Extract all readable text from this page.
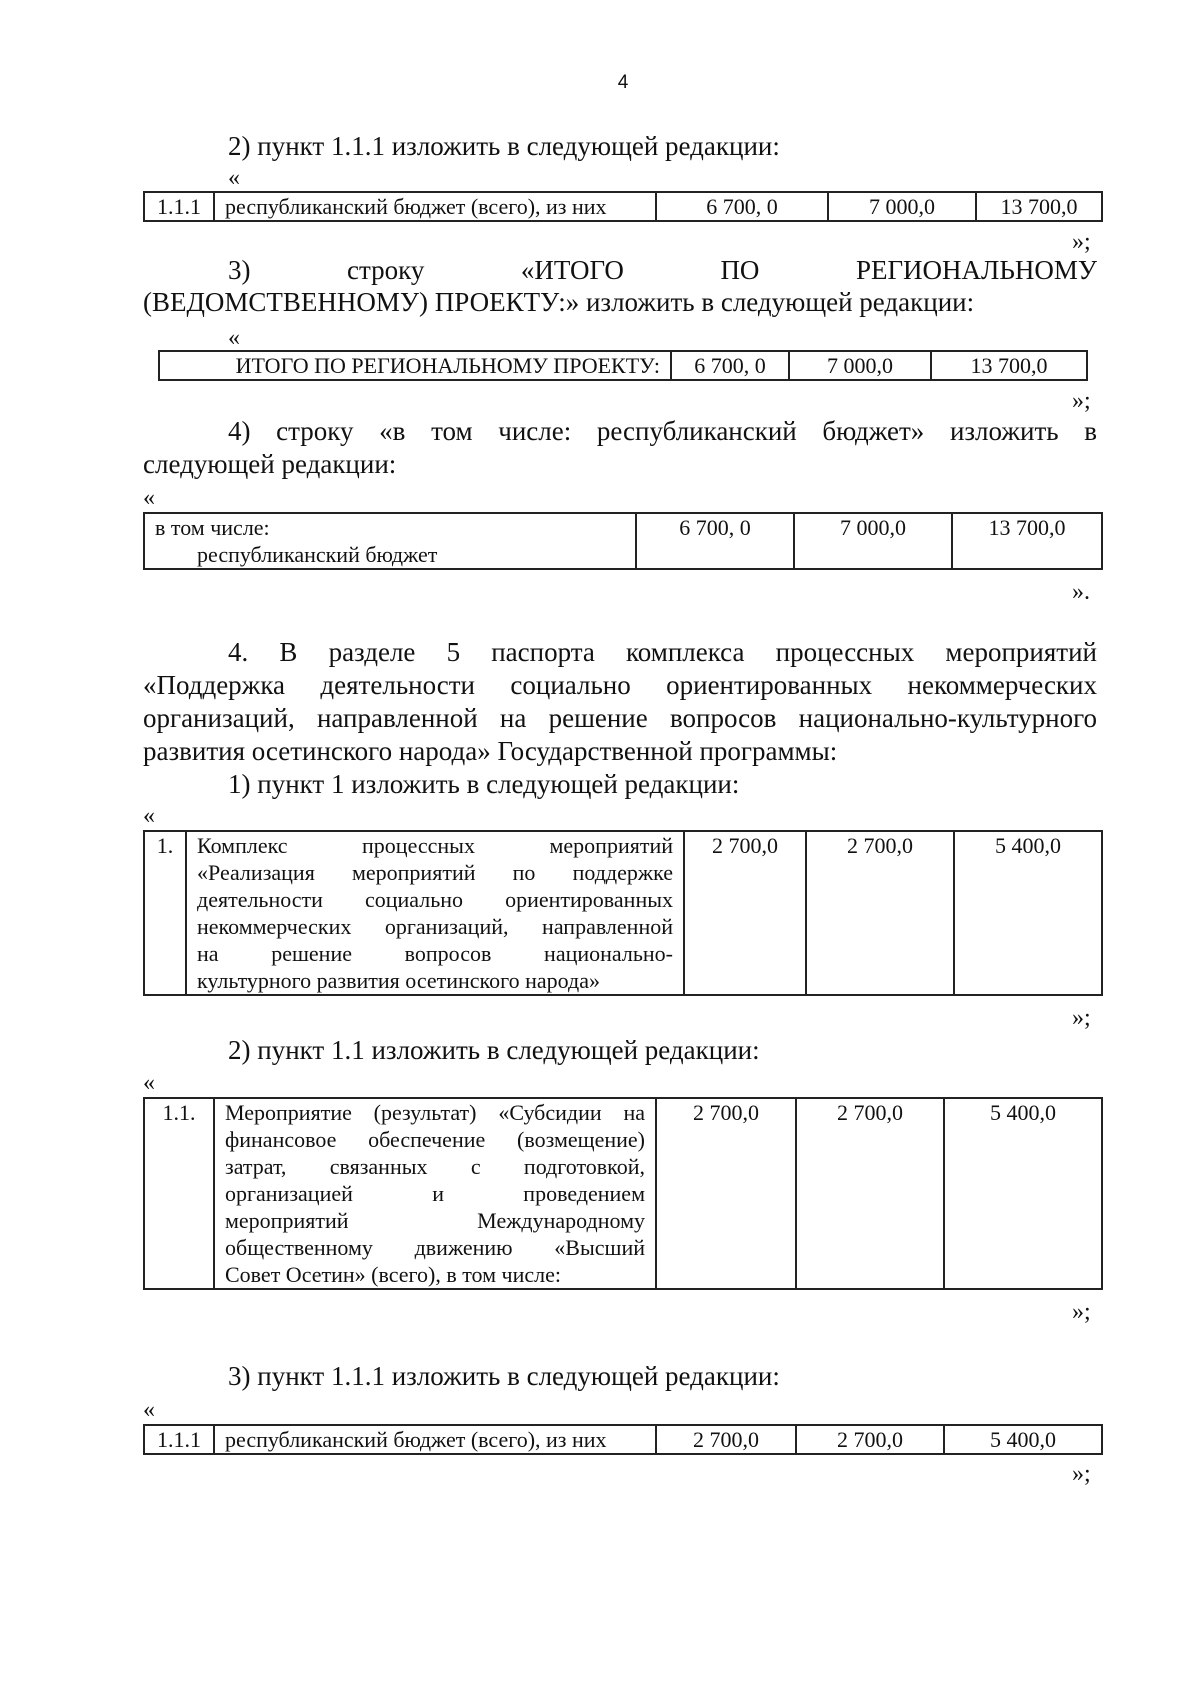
4
2) пункт 1.1.1 изложить в следующей редакции:
«
1.1.1	республиканский бюджет (всего), из них	6 700, 0	7 000,0	13 700,0
»;
3)	строку	«ИТОГО	ПО	РЕГИОНАЛЬНОМУ
(ВЕДОМСТВЕННОМУ) ПРОЕКТУ:» изложить в следующей редакции:
«
ИТОГО ПО РЕГИОНАЛЬНОМУ ПРОЕКТУ:	6 700, 0	7 000,0	13 700,0
»;
4) строку «в том числе: республиканский бюджет» изложить в
следующей редакции:
«
в том числе:
республиканский бюджет
	6 700, 0	7 000,0	13 700,0
».
4. В разделе 5 паспорта комплекса процессных мероприятий
«Поддержка деятельности социально ориентированных некоммерческих
организаций, направленной на решение вопросов национально-культурного
развития осетинского народа» Государственной программы:
1) пункт 1 изложить в следующей редакции:
«
1.	Комплекс процессных мероприятий
«Реализация мероприятий по поддержке
деятельности социально ориентированных
некоммерческих организаций, направленной
на решение вопросов национально-
культурного развития осетинского народа»
	2 700,0	2 700,0	5 400,0
»;
2) пункт 1.1 изложить в следующей редакции:
«
1.1.	Мероприятие (результат) «Субсидии на
финансовое обеспечение (возмещение)
затрат, связанных с подготовкой,
организацией и проведением
мероприятий Международному
общественному движению «Высший
Совет Осетин» (всего), в том числе:
	2 700,0	2 700,0	5 400,0
»;
3) пункт 1.1.1 изложить в следующей редакции:
«
1.1.1	республиканский бюджет (всего), из них	2 700,0	2 700,0	5 400,0
»;
